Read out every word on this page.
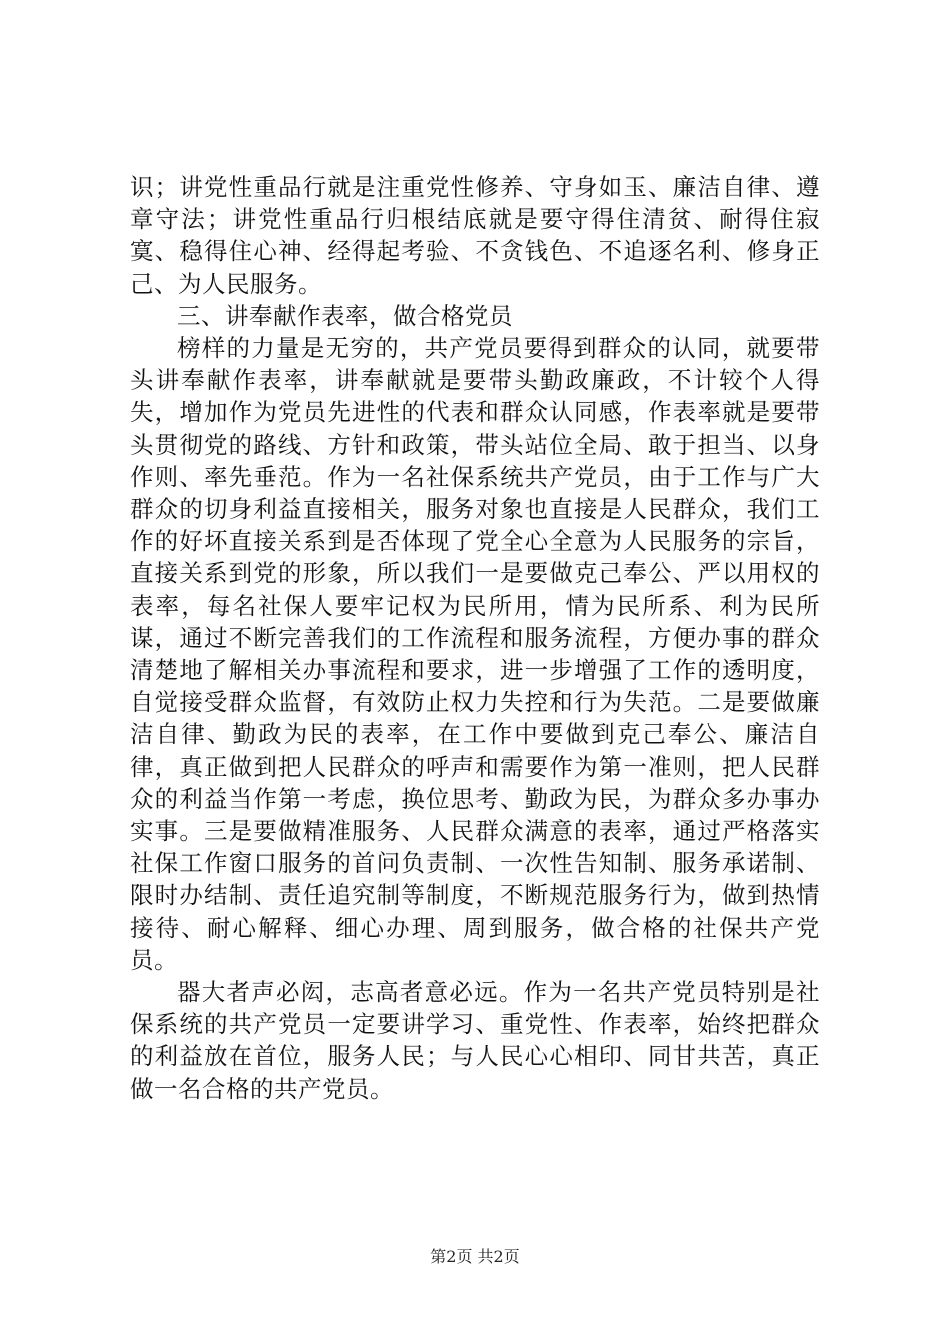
识；讲党性重品行就是注重党性修养、守身如玉、廉洁自律、遵章守法；讲党性重品行归根结底就是要守得住清贫、耐得住寂寞、稳得住心神、经得起考验、不贪钱色、不追逐名利、修身正己、为人民服务。

三、讲奉献作表率，做合格党员

榜样的力量是无穷的，共产党员要得到群众的认同，就要带头讲奉献作表率，讲奉献就是要带头勤政廉政，不计较个人得失，增加作为党员先进性的代表和群众认同感，作表率就是要带头贯彻党的路线、方针和政策，带头站位全局、敢于担当、以身作则、率先垂范。作为一名社保系统共产党员，由于工作与广大群众的切身利益直接相关，服务对象也直接是人民群众，我们工作的好坏直接关系到是否体现了党全心全意为人民服务的宗旨，直接关系到党的形象，所以我们一是要做克己奉公、严以用权的表率，每名社保人要牢记权为民所用，情为民所系、利为民所谋，通过不断完善我们的工作流程和服务流程，方便办事的群众清楚地了解相关办事流程和要求，进一步增强了工作的透明度，自觉接受群众监督，有效防止权力失控和行为失范。二是要做廉洁自律、勤政为民的表率，在工作中要做到克己奉公、廉洁自律，真正做到把人民群众的呼声和需要作为第一准则，把人民群众的利益当作第一考虑，换位思考、勤政为民，为群众多办事办实事。三是要做精准服务、人民群众满意的表率，通过严格落实社保工作窗口服务的首问负责制、一次性告知制、服务承诺制、限时办结制、责任追究制等制度，不断规范服务行为，做到热情接待、耐心解释、细心办理、周到服务，做合格的社保共产党员。

器大者声必闳，志高者意必远。作为一名共产党员特别是社保系统的共产党员一定要讲学习、重党性、作表率，始终把群众的利益放在首位，服务人民；与人民心心相印、同甘共苦，真正做一名合格的共产党员。

第2页 共2页
